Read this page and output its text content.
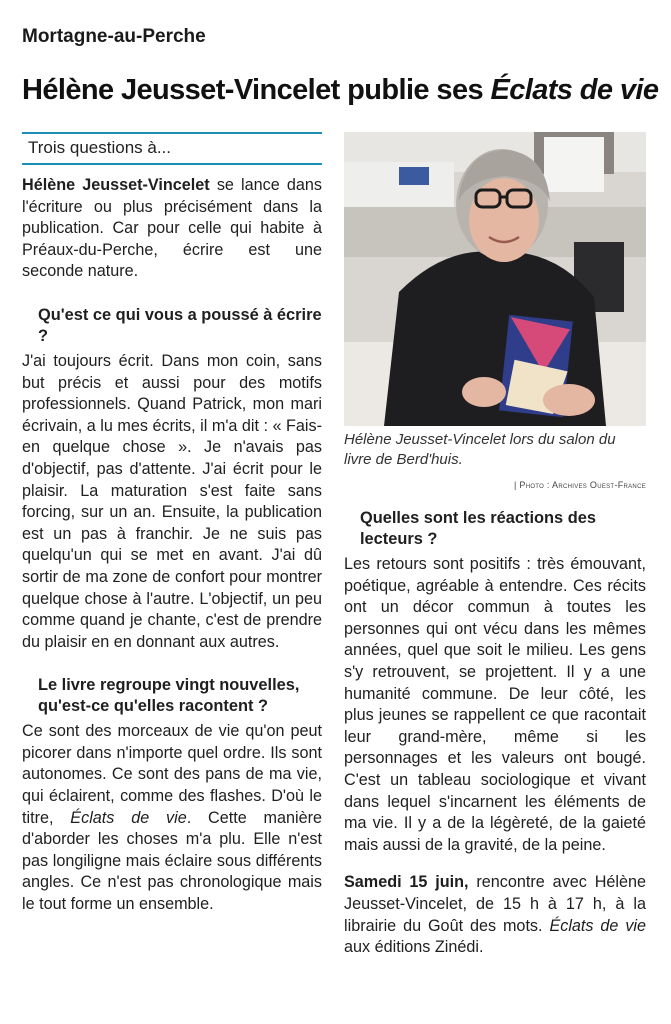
Mortagne-au-Perche
Hélène Jeusset-Vincelet publie ses Éclats de vie
Trois questions à...

Hélène Jeusset-Vincelet se lance dans l'écriture ou plus précisément dans la publication. Car pour celle qui habite à Préaux-du-Perche, écrire est une seconde nature.

Qu'est ce qui vous a poussé à écrire ?

J'ai toujours écrit. Dans mon coin, sans but précis et aussi pour des motifs professionnels. Quand Patrick, mon mari écrivain, a lu mes écrits, il m'a dit : « Fais-en quelque chose ». Je n'avais pas d'objectif, pas d'attente. J'ai écrit pour le plaisir. La maturation s'est faite sans forcing, sur un an. Ensuite, la publication est un pas à franchir. Je ne suis pas quelqu'un qui se met en avant. J'ai dû sortir de ma zone de confort pour montrer quelque chose à l'autre. L'objectif, un peu comme quand je chante, c'est de prendre du plaisir en en donnant aux autres.

Le livre regroupe vingt nouvelles, qu'est-ce qu'elles racontent ?

Ce sont des morceaux de vie qu'on peut picorer dans n'importe quel ordre. Ils sont autonomes. Ce sont des pans de ma vie, qui éclairent, comme des flashes. D'où le titre, Éclats de vie. Cette manière d'aborder les choses m'a plu. Elle n'est pas longiligne mais éclaire sous différents angles. Ce n'est pas chronologique mais le tout forme un ensemble.

Hélène Jeusset-Vincelet lors du salon du livre de Berd'huis.
| Photo : Archives Ouest-France

Quelles sont les réactions des lecteurs ?

Les retours sont positifs : très émouvant, poétique, agréable à entendre. Ces récits ont un décor commun à toutes les personnes qui ont vécu dans les mêmes années, quel que soit le milieu. Les gens s'y retrouvent, se projettent. Il y a une humanité commune. De leur côté, les plus jeunes se rappellent ce que racontait leur grand-mère, même si les personnages et les valeurs ont bougé. C'est un tableau sociologique et vivant dans lequel s'incarnent les éléments de ma vie. Il y a de la légèreté, de la gaieté mais aussi de la gravité, de la peine.

Samedi 15 juin, rencontre avec Hélène Jeusset-Vincelet, de 15 h à 17 h, à la librairie du Goût des mots. Éclats de vie aux éditions Zinédi.
